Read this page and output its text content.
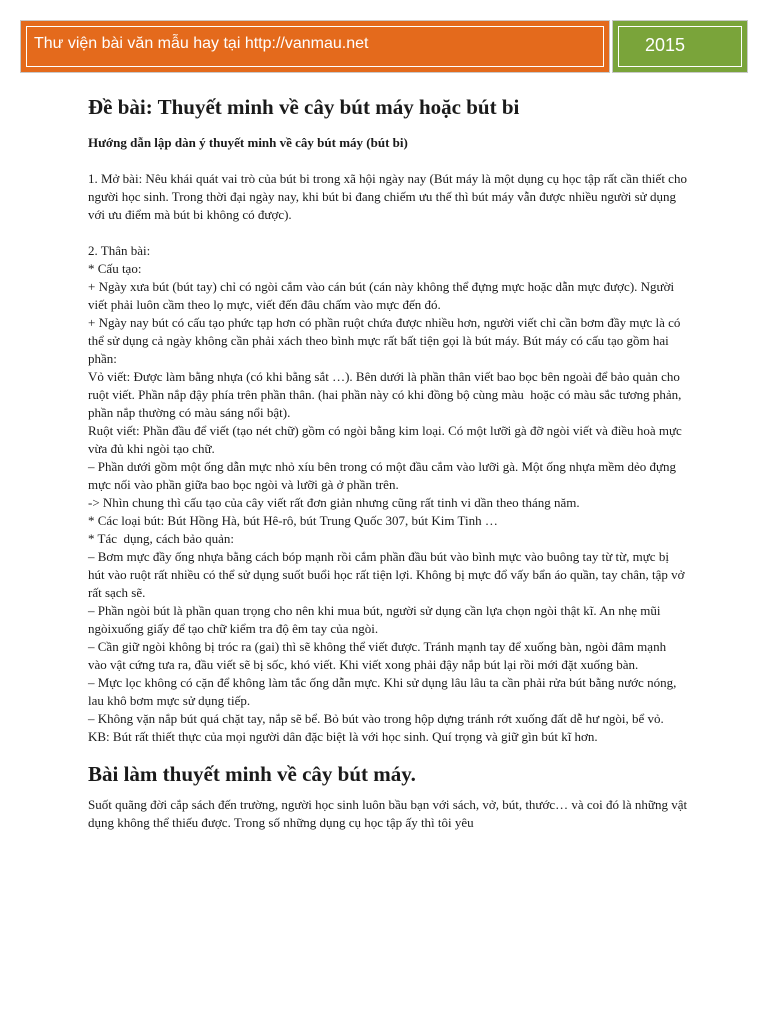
Thư viện bài văn mẫu hay tại http://vanmau.net	2015
Đề bài: Thuyết minh về cây bút máy hoặc bút bi
Hướng dẫn lập dàn ý thuyết minh về cây bút máy (bút bi)

1. Mở bài: Nêu khái quát vai trò của bút bi trong xã hội ngày nay (Bút máy là một dụng cụ học tập rất cần thiết cho người học sinh. Trong thời đại ngày nay, khi bút bi đang chiếm ưu thế thì bút máy vẫn được nhiều người sử dụng với ưu điểm mà bút bi không có được).

2. Thân bài:

* Cấu tạo:

+ Ngày xưa bút (bút tay) chỉ có ngòi cắm vào cán bút (cán này không thể đựng mực hoặc dẫn mực được). Người viết phải luôn cầm theo lọ mực, viết đến đâu chấm vào mực đến đó.

+ Ngày nay bút có cấu tạo phức tạp hơn có phần ruột chứa được nhiều hơn, người viết chỉ cần bơm đầy mực là có thể sử dụng cả ngày không cần phải xách theo bình mực rất bất tiện gọi là bút máy. Bút máy có cấu tạo gồm hai phần:

Vỏ viết: Được làm bằng nhựa (có khi bằng sắt …). Bên dưới là phần thân viết bao bọc bên ngoài để bảo quản cho ruột viết. Phần nắp đậy phía trên phần thân. (hai phần này có khi đồng bộ cùng màu  hoặc có màu sắc tương phản, phần nắp thường có màu sáng nổi bật).

Ruột viết: Phần đầu để viết (tạo nét chữ) gồm có ngòi bằng kim loại. Có một lưỡi gà đỡ ngòi viết và điều hoà mực vừa đủ khi ngòi tạo chữ.

– Phần dưới gồm một ống dẫn mực nhỏ xíu bên trong có một đầu cắm vào lưỡi gà. Một ống nhựa mềm dẻo đựng mực nối vào phần giữa bao bọc ngòi và lưỡi gà ở phần trên.

-> Nhìn chung thì cấu tạo của cây viết rất đơn giản nhưng cũng rất tinh vi dần theo tháng năm.

* Các loại bút: Bút Hồng Hà, bút Hê-rô, bút Trung Quốc 307, bút Kim Tinh …

* Tác  dụng, cách bảo quản:

– Bơm mực đầy ống nhựa bằng cách bóp mạnh rồi cắm phần đầu bút vào bình mực vào buông tay từ từ, mực bị hút vào ruột rất nhiều có thể sử dụng suốt buổi học rất tiện lợi. Không bị mực đổ vấy bẩn áo quần, tay chân, tập vở rất sạch sẽ.

– Phần ngòi bút là phần quan trọng cho nên khi mua bút, người sử dụng cần lựa chọn ngòi thật kĩ. An nhẹ mũi ngòixuống giấy để tạo chữ kiểm tra độ êm tay của ngòi.

– Cần giữ ngòi không bị tróc ra (gai) thì sẽ không thể viết được. Tránh mạnh tay để xuống bàn, ngòi đâm mạnh vào vật cứng tưa ra, đầu viết sẽ bị sốc, khó viết. Khi viết xong phải đậy nắp bút lại rồi mới đặt xuống bàn.

– Mực lọc không có cặn để không làm tắc ống dẫn mực. Khi sử dụng lâu lâu ta cần phải rửa bút bằng nước nóng, lau khô bơm mực sử dụng tiếp.

– Không vặn nắp bút quá chặt tay, nắp sẽ bể. Bỏ bút vào trong hộp dựng tránh rớt xuống đất dễ hư ngòi, bể vỏ.

KB: Bút rất thiết thực của mọi người dân đặc biệt là với học sinh. Quí trọng và giữ gìn bút kĩ hơn.

Bài làm thuyết minh về cây bút máy.

Suốt quãng đời cắp sách đến trường, người học sinh luôn bầu bạn với sách, vở, bút, thước… và coi đó là những vật dụng không thể thiếu được. Trong số những dụng cụ học tập ấy thì tôi yêu
